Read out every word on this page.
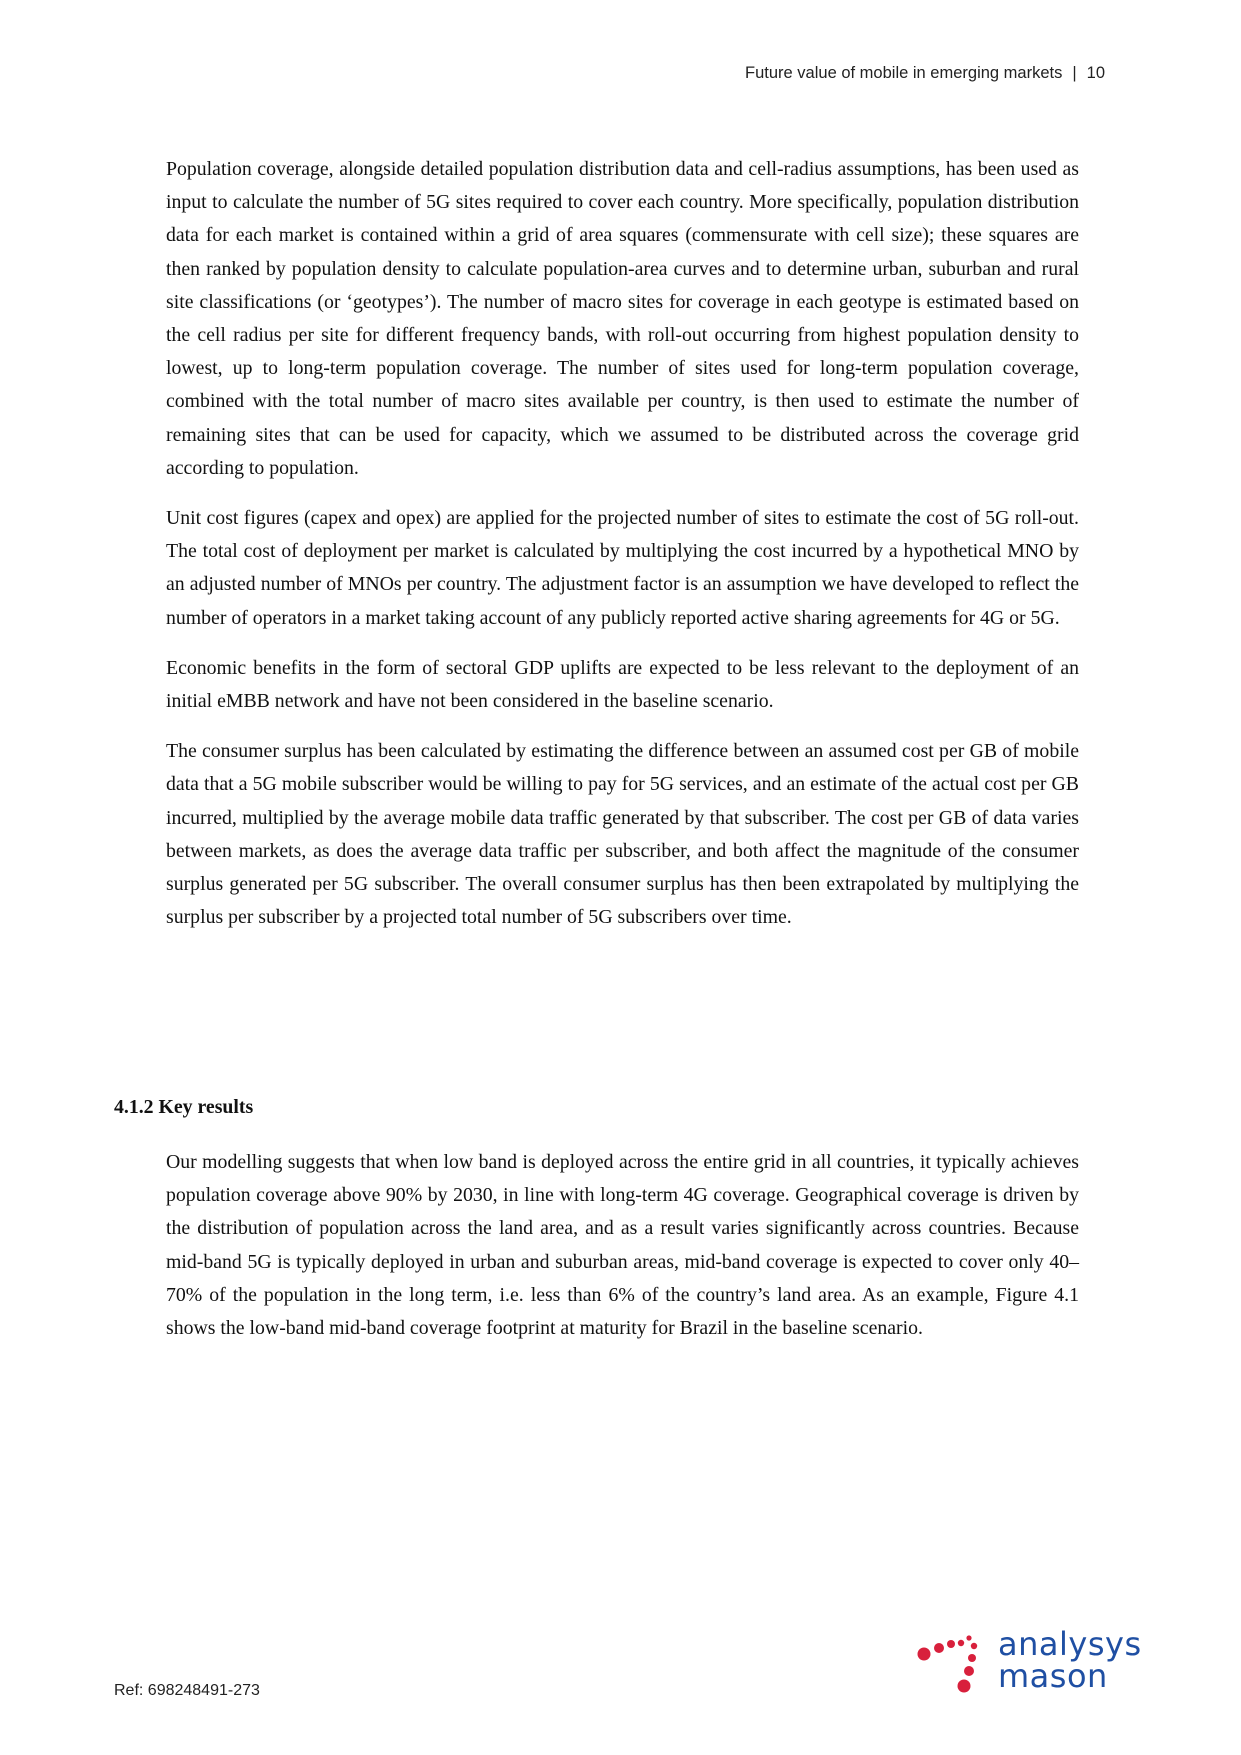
Future value of mobile in emerging markets | 10

Population coverage, alongside detailed population distribution data and cell-radius assumptions, has been used as input to calculate the number of 5G sites required to cover each country. More specifically, population distribution data for each market is contained within a grid of area squares (commensurate with cell size); these squares are then ranked by population density to calculate population-area curves and to determine urban, suburban and rural site classifications (or ‘geotypes’). The number of macro sites for coverage in each geotype is estimated based on the cell radius per site for different frequency bands, with roll-out occurring from highest population density to lowest, up to long-term population coverage. The number of sites used for long-term population coverage, combined with the total number of macro sites available per country, is then used to estimate the number of remaining sites that can be used for capacity, which we assumed to be distributed across the coverage grid according to population.

Unit cost figures (capex and opex) are applied for the projected number of sites to estimate the cost of 5G roll-out. The total cost of deployment per market is calculated by multiplying the cost incurred by a hypothetical MNO by an adjusted number of MNOs per country. The adjustment factor is an assumption we have developed to reflect the number of operators in a market taking account of any publicly reported active sharing agreements for 4G or 5G.

Economic benefits in the form of sectoral GDP uplifts are expected to be less relevant to the deployment of an initial eMBB network and have not been considered in the baseline scenario.

The consumer surplus has been calculated by estimating the difference between an assumed cost per GB of mobile data that a 5G mobile subscriber would be willing to pay for 5G services, and an estimate of the actual cost per GB incurred, multiplied by the average mobile data traffic generated by that subscriber. The cost per GB of data varies between markets, as does the average data traffic per subscriber, and both affect the magnitude of the consumer surplus generated per 5G subscriber. The overall consumer surplus has then been extrapolated by multiplying the surplus per subscriber by a projected total number of 5G subscribers over time.

4.1.2 Key results

Our modelling suggests that when low band is deployed across the entire grid in all countries, it typically achieves population coverage above 90% by 2030, in line with long-term 4G coverage. Geographical coverage is driven by the distribution of population across the land area, and as a result varies significantly across countries. Because mid-band 5G is typically deployed in urban and suburban areas, mid-band coverage is expected to cover only 40–70% of the population in the long term, i.e. less than 6% of the country’s land area. As an example, Figure 4.1 shows the low-band mid-band coverage footprint at maturity for Brazil in the baseline scenario.

Ref: 698248491-273
analysys
mason
